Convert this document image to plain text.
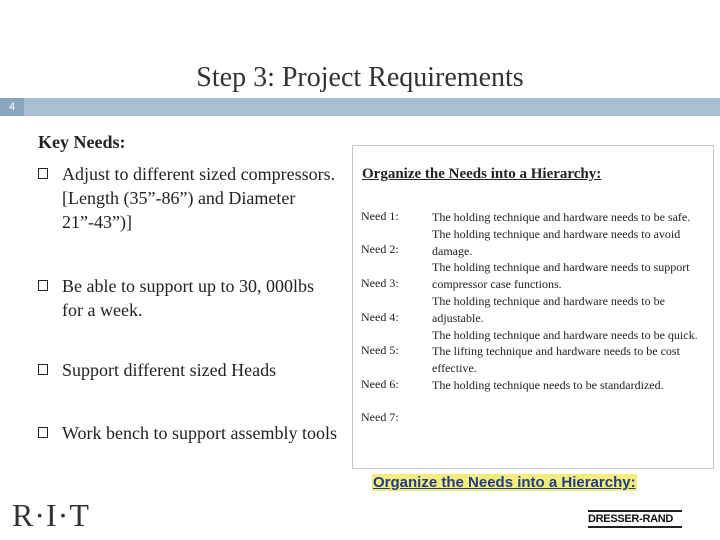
Step 3: Project Requirements
4
Key Needs:
Adjust to different sized compressors. [Length (35”-86”) and Diameter 21”-43”)]
Be able to support up to 30, 000lbs for a week.
Support different sized Heads
Work bench to support assembly tools
Organize the Needs into a Hierarchy:
Need 1:
Need 2:
Need 3:
Need 4:
Need 5:
Need 6:
Need 7:
The holding technique and hardware needs to be safe.
The holding technique and hardware needs to avoid damage.
The holding technique and hardware needs to support compressor case functions.
The holding technique and hardware needs to be adjustable.
The holding technique and hardware needs to be quick.
The lifting technique and hardware needs to be cost effective.
The holding technique needs to be standardized.
Organize the Needs into a Hierarchy:
R·I·T	DRESSER-RAND
